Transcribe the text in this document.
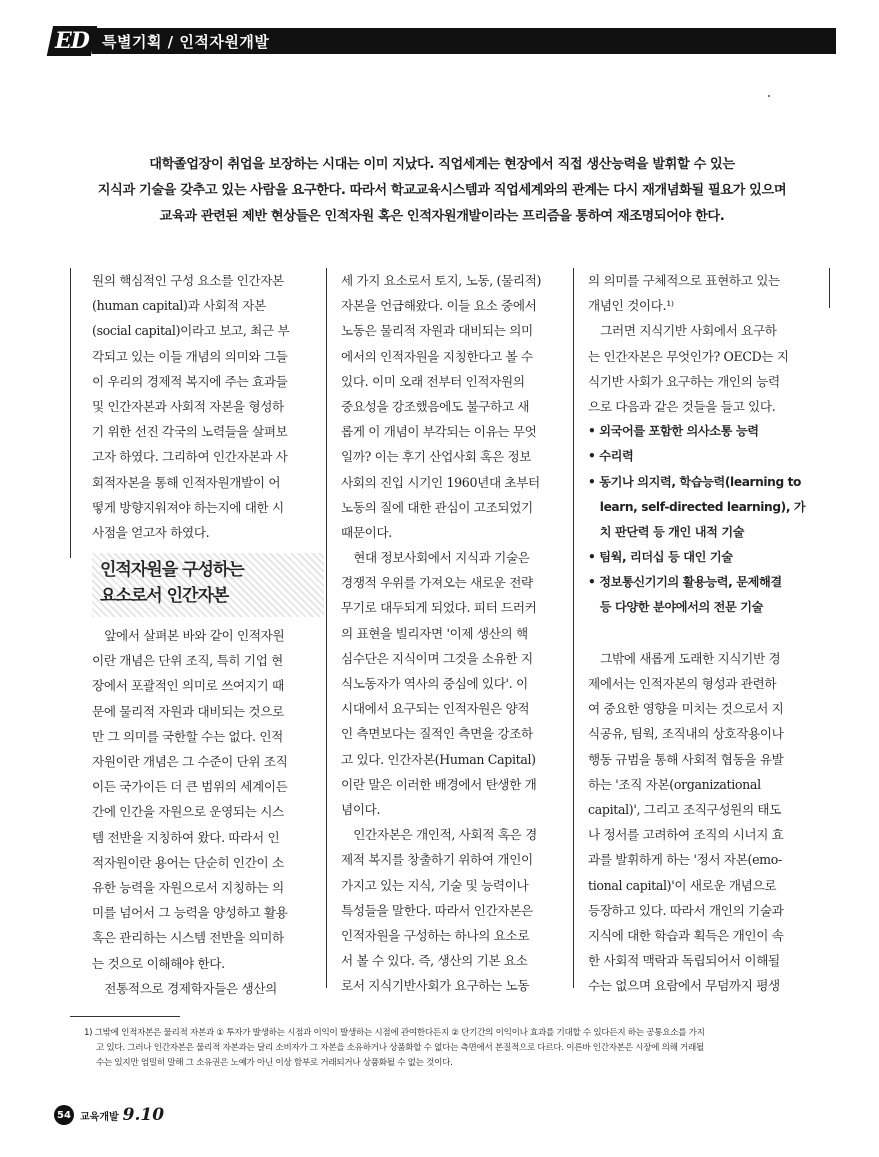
ED 특별기획 / 인적자원개발
대학졸업장이 취업을 보장하는 시대는 이미 지났다. 직업세계는 현장에서 직접 생산능력을 발휘할 수 있는
지식과 기술을 갖추고 있는 사람을 요구한다. 따라서 학교교육시스템과 직업세계와의 관계는 다시 재개념화될 필요가 있으며
교육과 관련된 제반 현상들은 인적자원 혹은 인적자원개발이라는 프리즘을 통하여 재조명되어야 한다.
원의 핵심적인 구성 요소를 인간자본
(human capital)과 사회적 자본
(social capital)이라고 보고, 최근 부
각되고 있는 이들 개념의 의미와 그들
이 우리의 경제적 복지에 주는 효과들
및 인간자본과 사회적 자본을 형성하
기 위한 선진 각국의 노력들을 살펴보
고자 하였다. 그리하여 인간자본과 사
회적자본을 통해 인적자원개발이 어
떻게 방향지워져야 하는지에 대한 시
사점을 얻고자 하였다.
인적자원을 구성하는
요소로서 인간자본
　앞에서 살펴본 바와 같이 인적자원
이란 개념은 단위 조직, 특히 기업 현
장에서 포괄적인 의미로 쓰여지기 때
문에 물리적 자원과 대비되는 것으로
만 그 의미를 국한할 수는 없다. 인적
자원이란 개념은 그 수준이 단위 조직
이든 국가이든 더 큰 범위의 세계이든
간에 인간을 자원으로 운영되는 시스
템 전반을 지칭하여 왔다. 따라서 인
적자원이란 용어는 단순히 인간이 소
유한 능력을 자원으로서 지칭하는 의
미를 넘어서 그 능력을 양성하고 활용
혹은 관리하는 시스템 전반을 의미하
는 것으로 이해해야 한다.
　전통적으로 경제학자들은 생산의
세 가지 요소로서 토지, 노동, (물리적)
자본을 언급해왔다. 이들 요소 중에서
노동은 물리적 자원과 대비되는 의미
에서의 인적자원을 지칭한다고 볼 수
있다. 이미 오래 전부터 인적자원의
중요성을 강조했음에도 불구하고 새
롭게 이 개념이 부각되는 이유는 무엇
일까? 이는 후기 산업사회 혹은 정보
사회의 진입 시기인 1960년대 초부터
노동의 질에 대한 관심이 고조되었기
때문이다.
　현대 정보사회에서 지식과 기술은
경쟁적 우위를 가져오는 새로운 전략
무기로 대두되게 되었다. 피터 드러커
의 표현을 빌리자면 '이제 생산의 핵
심수단은 지식이며 그것을 소유한 지
식노동자가 역사의 중심에 있다'. 이
시대에서 요구되는 인적자원은 양적
인 측면보다는 질적인 측면을 강조하
고 있다. 인간자본(Human Capital)
이란 말은 이러한 배경에서 탄생한 개
념이다.
　인간자본은 개인적, 사회적 혹은 경
제적 복지를 창출하기 위하여 개인이
가지고 있는 지식, 기술 및 능력이나
특성들을 말한다. 따라서 인간자본은
인적자원을 구성하는 하나의 요소로
서 볼 수 있다. 즉, 생산의 기본 요소
로서 지식기반사회가 요구하는 노동
의 의미를 구체적으로 표현하고 있는
개념인 것이다.¹⁾
　그러면 지식기반 사회에서 요구하
는 인간자본은 무엇인가? OECD는 지
식기반 사회가 요구하는 개인의 능력
으로 다음과 같은 것들을 들고 있다.
• 외국어를 포함한 의사소통 능력
• 수리력
• 동기나 의지력, 학습능력(learning to
　learn, self-directed learning), 가
　치 판단력 등 개인 내적 기술
• 팀웍, 리더십 등 대인 기술
• 정보통신기기의 활용능력, 문제해결
　등 다양한 분야에서의 전문 기술
　그밖에 새롭게 도래한 지식기반 경
제에서는 인적자본의 형성과 관련하
여 중요한 영향을 미치는 것으로서 지
식공유, 팀웍, 조직내의 상호작용이나
행동 규범을 통해 사회적 협동을 유발
하는 '조직 자본(organizational
capital)', 그리고 조직구성원의 태도
나 정서를 고려하여 조직의 시너지 효
과를 발휘하게 하는 '정서 자본(emo-
tional capital)'이 새로운 개념으로
등장하고 있다. 따라서 개인의 기술과
지식에 대한 학습과 획득은 개인이 속
한 사회적 맥락과 독립되어서 이해될
수는 없으며 요람에서 무덤까지 평생
1) 그밖에 인적자본은 물리적 자본과 ① 투자가 발생하는 시점과 이익이 발생하는 시점에 관여한다든지 ② 단기간의 이익이나 효과를 기대할 수 있다든지 하는 공통요소를 가지
고 있다. 그러나 인간자본은 물리적 자본과는 달리 소비자가 그 자본을 소유하거나 상품화할 수 없다는 측면에서 본질적으로 다르다. 이른바 인간자본은 시장에 의해 거래될
수는 있지만 엄밀히 말해 그 소유권은 노예가 아닌 이상 함부로 거래되거나 상품화될 수 없는 것이다.
54 교육개발 9.10
